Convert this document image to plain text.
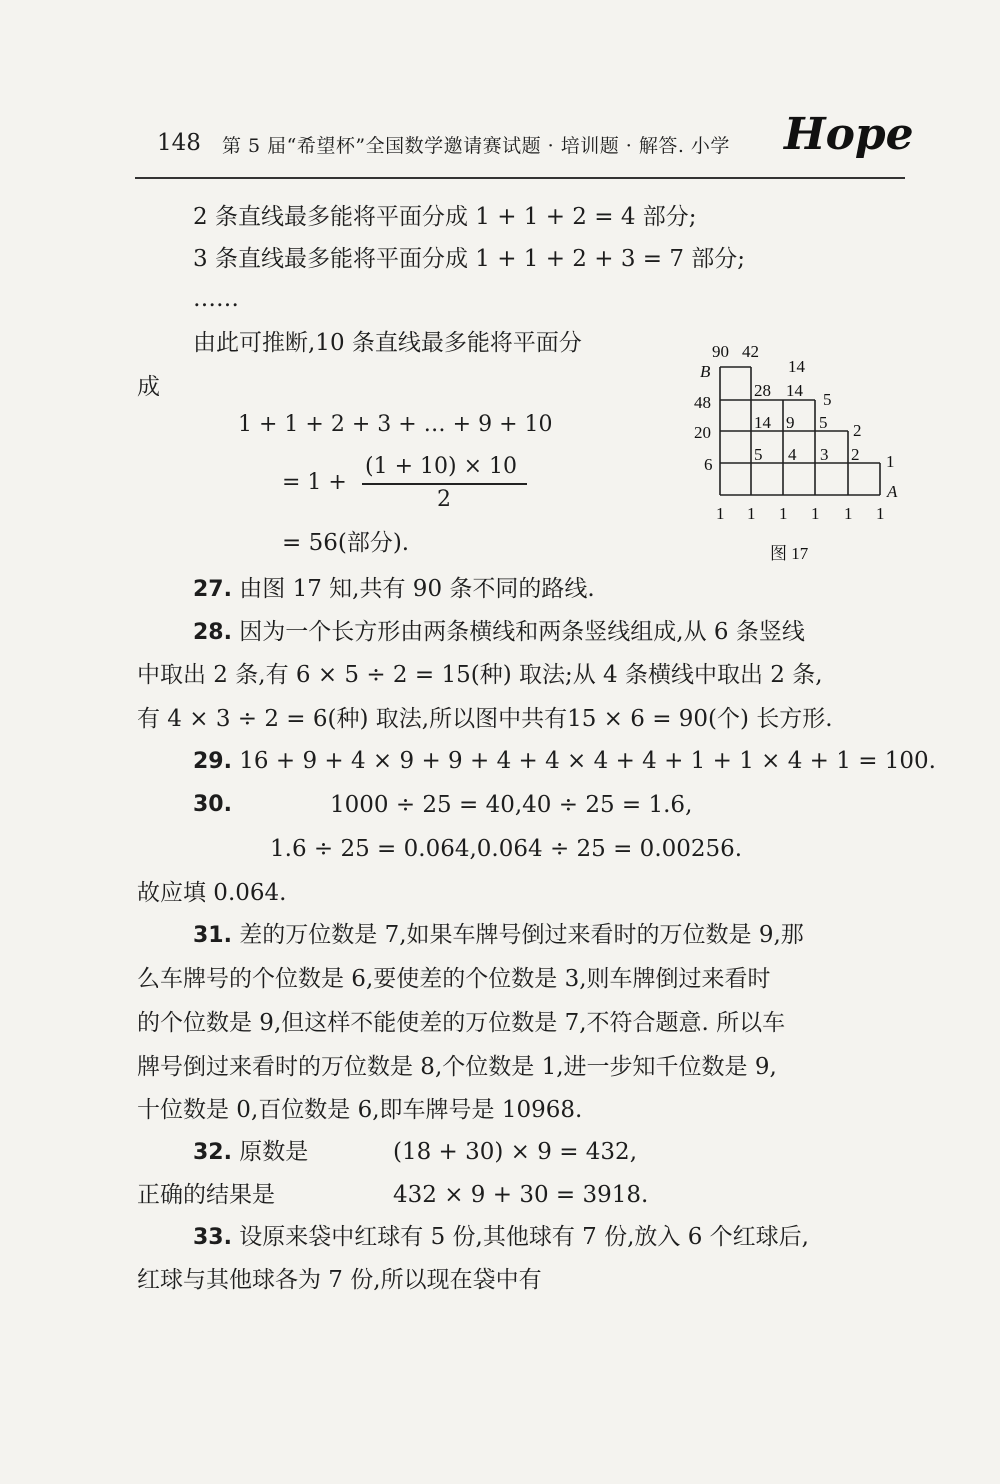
148 第 5 届“希望杯”全国数学邀请赛试题 · 培训题 · 解答. 小学 Hope
2 条直线最多能将平面分成 1 + 1 + 2 = 4 部分;
3 条直线最多能将平面分成 1 + 1 + 2 + 3 = 7 部分;
……
由此可推断,10 条直线最多能将平面分
成
1 + 1 + 2 + 3 + … + 9 + 10
= 1 +
(1 + 10) × 10
2
= 56(部分).
90 42
14
B
48
20
6
28 14
14 9 5
5
5 4 3 2
2
1
A
1 1 1 1 1 1
图 17
27. 由图 17 知,共有 90 条不同的路线.
28. 因为一个长方形由两条横线和两条竖线组成,从 6 条竖线
中取出 2 条,有 6 × 5 ÷ 2 = 15(种) 取法;从 4 条横线中取出 2 条,
有 4 × 3 ÷ 2 = 6(种) 取法,所以图中共有15 × 6 = 90(个) 长方形.
29. 16 + 9 + 4 × 9 + 9 + 4 + 4 × 4 + 4 + 1 + 1 × 4 + 1 = 100.
30.	1000 ÷ 25 = 40,40 ÷ 25 = 1.6,
1.6 ÷ 25 = 0.064,0.064 ÷ 25 = 0.00256.
故应填 0.064.
31. 差的万位数是 7,如果车牌号倒过来看时的万位数是 9,那
么车牌号的个位数是 6,要使差的个位数是 3,则车牌倒过来看时
的个位数是 9,但这样不能使差的万位数是 7,不符合题意. 所以车
牌号倒过来看时的万位数是 8,个位数是 1,进一步知千位数是 9,
十位数是 0,百位数是 6,即车牌号是 10968.
32. 原数是	(18 + 30) × 9 = 432,
正确的结果是	432 × 9 + 30 = 3918.
33. 设原来袋中红球有 5 份,其他球有 7 份,放入 6 个红球后,
红球与其他球各为 7 份,所以现在袋中有
